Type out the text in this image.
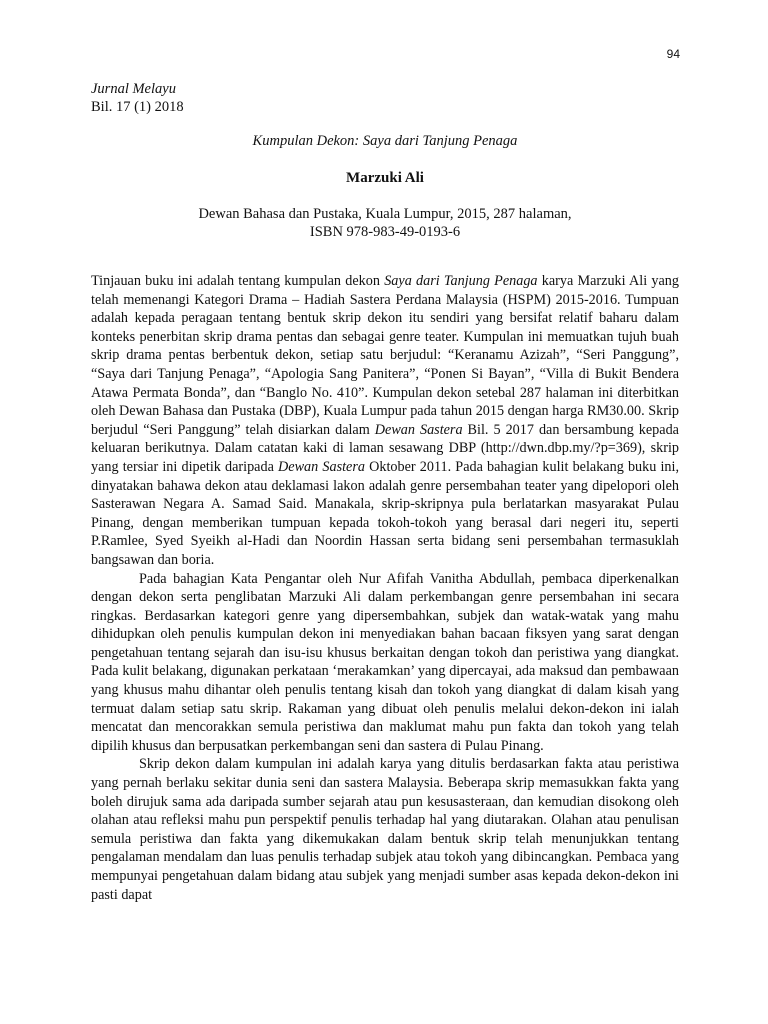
94
Jurnal Melayu
Bil. 17 (1) 2018
Kumpulan Dekon: Saya dari Tanjung Penaga
Marzuki Ali
Dewan Bahasa dan Pustaka, Kuala Lumpur, 2015, 287 halaman,
ISBN 978-983-49-0193-6

Tinjauan buku ini adalah tentang kumpulan dekon Saya dari Tanjung Penaga karya Marzuki Ali yang telah memenangi Kategori Drama – Hadiah Sastera Perdana Malaysia (HSPM) 2015-2016. Tumpuan adalah kepada peragaan tentang bentuk skrip dekon itu sendiri yang bersifat relatif baharu dalam konteks penerbitan skrip drama pentas dan sebagai genre teater. Kumpulan ini memuatkan tujuh buah skrip drama pentas berbentuk dekon, setiap satu berjudul: “Keranamu Azizah”, “Seri Panggung”, “Saya dari Tanjung Penaga”, “Apologia Sang Panitera”, “Ponen Si Bayan”, “Villa di Bukit Bendera Atawa Permata Bonda”, dan “Banglo No. 410”. Kumpulan dekon setebal 287 halaman ini diterbitkan oleh Dewan Bahasa dan Pustaka (DBP), Kuala Lumpur pada tahun 2015 dengan harga RM30.00. Skrip berjudul “Seri Panggung” telah disiarkan dalam Dewan Sastera Bil. 5 2017 dan bersambung kepada keluaran berikutnya. Dalam catatan kaki di laman sesawang DBP (http://dwn.dbp.my/?p=369), skrip yang tersiar ini dipetik daripada Dewan Sastera Oktober 2011. Pada bahagian kulit belakang buku ini, dinyatakan bahawa dekon atau deklamasi lakon adalah genre persembahan teater yang dipelopori oleh Sasterawan Negara A. Samad Said. Manakala, skrip-skripnya pula berlatarkan masyarakat Pulau Pinang, dengan memberikan tumpuan kepada tokoh-tokoh yang berasal dari negeri itu, seperti P.Ramlee, Syed Syeikh al-Hadi dan Noordin Hassan serta bidang seni persembahan termasuklah bangsawan dan boria.

Pada bahagian Kata Pengantar oleh Nur Afifah Vanitha Abdullah, pembaca diperkenalkan dengan dekon serta penglibatan Marzuki Ali dalam perkembangan genre persembahan ini secara ringkas. Berdasarkan kategori genre yang dipersembahkan, subjek dan watak-watak yang mahu dihidupkan oleh penulis kumpulan dekon ini menyediakan bahan bacaan fiksyen yang sarat dengan pengetahuan tentang sejarah dan isu-isu khusus berkaitan dengan tokoh dan peristiwa yang diangkat. Pada kulit belakang, digunakan perkataan ‘merakamkan’ yang dipercayai, ada maksud dan pembawaan yang khusus mahu dihantar oleh penulis tentang kisah dan tokoh yang diangkat di dalam kisah yang termuat dalam setiap satu skrip. Rakaman yang dibuat oleh penulis melalui dekon-dekon ini ialah mencatat dan mencorakkan semula peristiwa dan maklumat mahu pun fakta dan tokoh yang telah dipilih khusus dan berpusatkan perkembangan seni dan sastera di Pulau Pinang.

Skrip dekon dalam kumpulan ini adalah karya yang ditulis berdasarkan fakta atau peristiwa yang pernah berlaku sekitar dunia seni dan sastera Malaysia. Beberapa skrip memasukkan fakta yang boleh dirujuk sama ada daripada sumber sejarah atau pun kesusasteraan, dan kemudian disokong oleh olahan atau refleksi mahu pun perspektif penulis terhadap hal yang diutarakan. Olahan atau penulisan semula peristiwa dan fakta yang dikemukakan dalam bentuk skrip telah menunjukkan tentang pengalaman mendalam dan luas penulis terhadap subjek atau tokoh yang dibincangkan. Pembaca yang mempunyai pengetahuan dalam bidang atau subjek yang menjadi sumber asas kepada dekon-dekon ini pasti dapat
